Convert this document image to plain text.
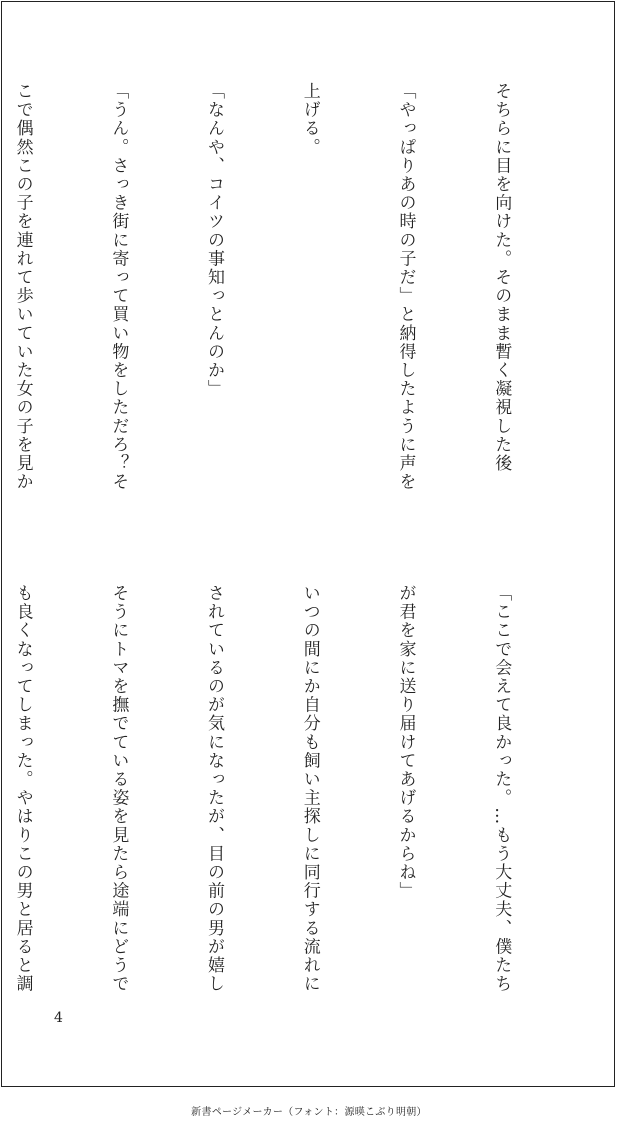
そちらに目を向けた。そのまま暫く凝視した後

「やっぱりあの時の子だ」と納得したように声を

上げる。

「なんや、コイツの事知っとんのか」

「うん。さっき街に寄って買い物をしただろ？そ

こで偶然この子を連れて歩いていた女の子を見か

「ここで会えて良かった。…もう大丈夫、僕たち

が君を家に送り届けてあげるからね」

いつの間にか自分も飼い主探しに同行する流れに

されているのが気になったが、目の前の男が嬉し

そうにトマを撫でている姿を見たら途端にどうで

も良くなってしまった。やはりこの男と居ると調

4
新書ページメーカー（フォント：源暎こぶり明朝）
